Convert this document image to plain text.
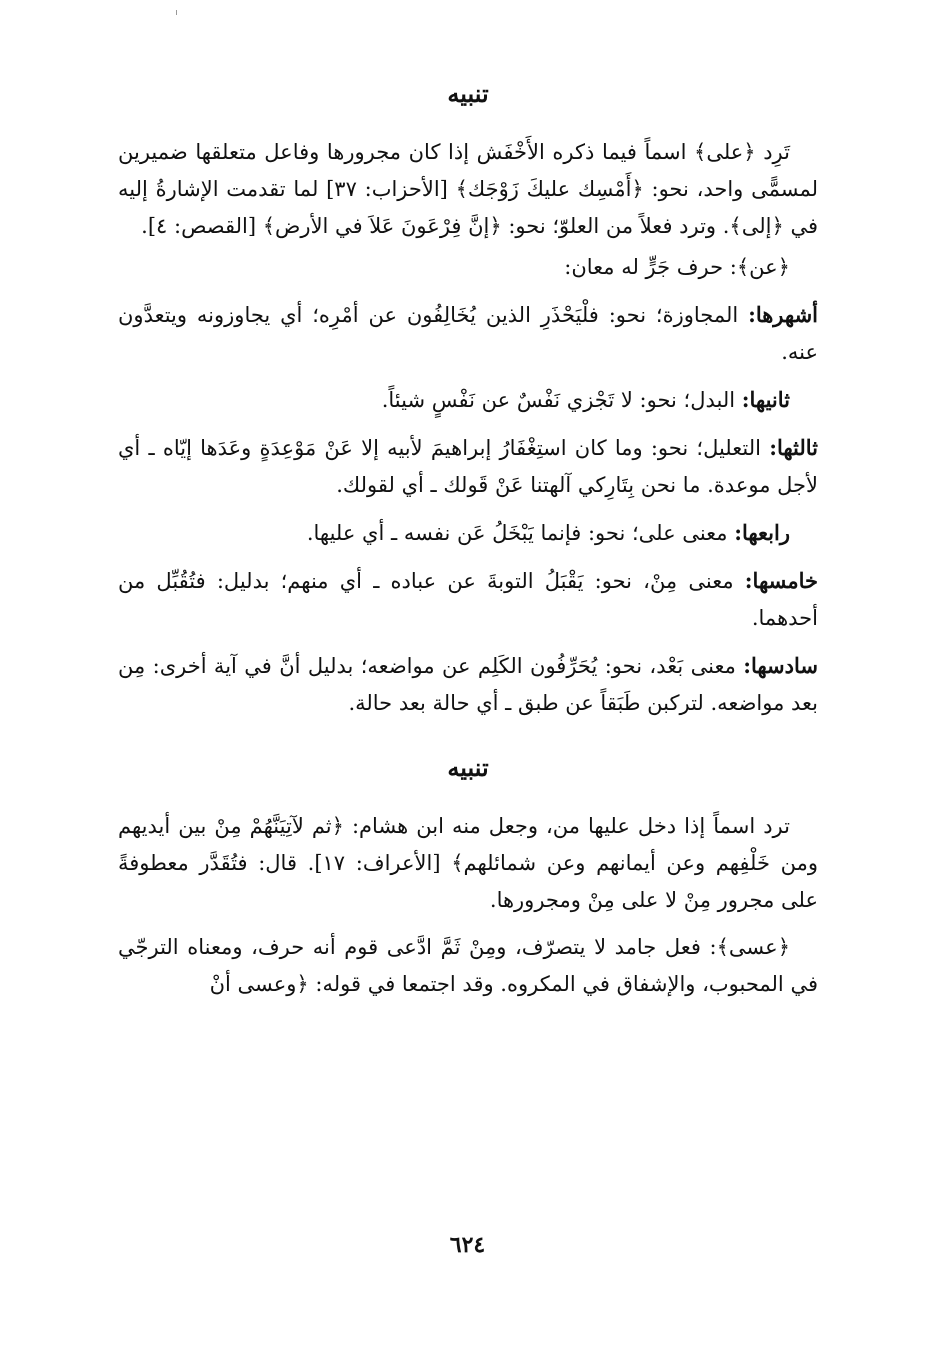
تنبيه

تَرِد ﴿على﴾ اسماً فيما ذكره الأَخْفَش إذا كان مجرورها وفاعل متعلقها ضميرين لمسمًّى واحد، نحو: ﴿أَمْسِك عليكَ زَوْجَك﴾ [الأحزاب: ٣٧] لما تقدمت الإشارةُ إليه في ﴿إلى﴾. وترد فعلاً من العلوّ؛ نحو: ﴿إنَّ فِرْعَونَ عَلاَ في الأرض﴾ [القصص: ٤].

﴿عن﴾: حرف جَرٍّ له معان:

أشهرها: المجاوزة؛ نحو: فلْيَحْذَرِ الذين يُخَالِفُون عن أمْرِه؛ أي يجاوزونه ويتعدَّون عنه.

ثانيها: البدل؛ نحو: لا تَجْزي نَفْسٌ عن نَفْسٍ شيئاً.

ثالثها: التعليل؛ نحو: وما كان استِغْفَارُ إبراهيمَ لأبيه إلا عَنْ مَوْعِدَةٍ وعَدَها إيّاه ـ أي لأجل موعدة. ما نحن بِتَارِكي آلهتنا عَنْ قَولك ـ أي لقولك.

رابعها: معنى على؛ نحو: فإنما يَبْخَلُ عَن نفسه ـ أي عليها.

خامسها: معنى مِنْ، نحو: يَقْبَلُ التوبةَ عن عباده ـ أي منهم؛ بدليل: فتُقُبِّل من أحدهما.

سادسها: معنى بَعْد، نحو: يُحَرِّفُون الكَلِم عن مواضعه؛ بدليل أنَّ في آية أخرى: مِن بعد مواضعه. لتركبن طَبَقاً عن طبق ـ أي حالة بعد حالة.

تنبيه

ترد اسماً إذا دخل عليها من، وجعل منه ابن هشام: ﴿ثم لآتِيَنَّهُمْ مِنْ بين أيديهم ومن خَلْفِهم وعن أيمانهم وعن شمائلهم﴾ [الأعراف: ١٧]. قال: فتُقَدَّر معطوفةً على مجرور مِنْ لا على مِنْ ومجرورها.

﴿عسى﴾: فعل جامد لا يتصرّف، ومِنْ ثَمَّ ادَّعى قوم أنه حرف، ومعناه الترجّي في المحبوب، والإشفاق في المكروه. وقد اجتمعا في قوله: ﴿وعسى أنْ

٦٢٤
